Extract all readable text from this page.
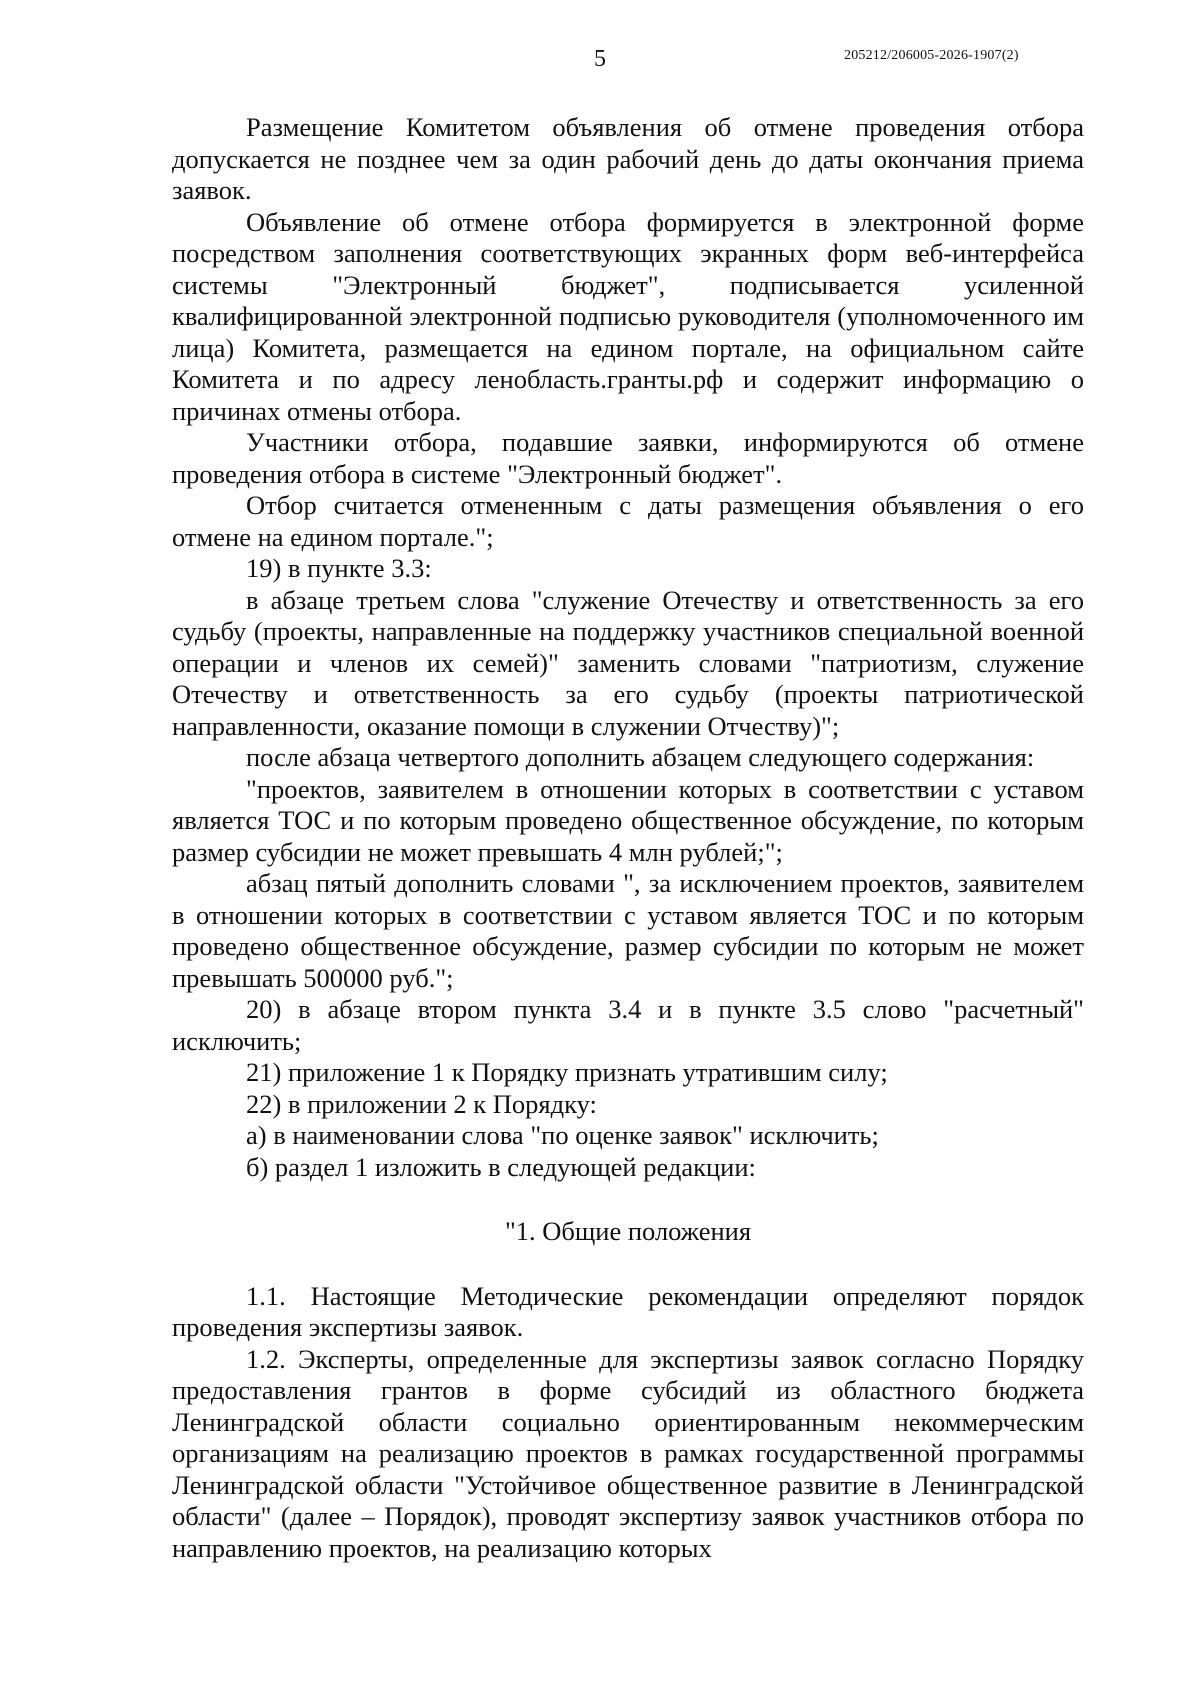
5	205212/206005-2026-1907(2)

Размещение Комитетом объявления об отмене проведения отбора допускается не позднее чем за один рабочий день до даты окончания приема заявок.

Объявление об отмене отбора формируется в электронной форме посредством заполнения соответствующих экранных форм веб-интерфейса системы "Электронный бюджет", подписывается усиленной квалифицированной электронной подписью руководителя (уполномоченного им лица) Комитета, размещается на едином портале, на официальном сайте Комитета и по адресу ленобласть.гранты.рф и содержит информацию о причинах отмены отбора.

Участники отбора, подавшие заявки, информируются об отмене проведения отбора в системе "Электронный бюджет".

Отбор считается отмененным с даты размещения объявления о его отмене на едином портале.";

19) в пункте 3.3:

в абзаце третьем слова "служение Отечеству и ответственность за его судьбу (проекты, направленные на поддержку участников специальной военной операции и членов их семей)" заменить словами "патриотизм, служение Отечеству и ответственность за его судьбу (проекты патриотической направленности, оказание помощи в служении Отчеству)";

после абзаца четвертого дополнить абзацем следующего содержания:

"проектов, заявителем в отношении которых в соответствии с уставом является ТОС и по которым проведено общественное обсуждение, по которым размер субсидии не может превышать 4 млн рублей;";

абзац пятый дополнить словами ", за исключением проектов, заявителем в отношении которых в соответствии с уставом является ТОС и по которым проведено общественное обсуждение, размер субсидии по которым не может превышать 500000 руб.";

20) в абзаце втором пункта 3.4 и в пункте 3.5 слово "расчетный" исключить;

21) приложение 1 к Порядку признать утратившим силу;

22) в приложении 2 к Порядку:

а) в наименовании слова "по оценке заявок" исключить;

б) раздел 1 изложить в следующей редакции:

"1. Общие положения

1.1. Настоящие Методические рекомендации определяют порядок проведения экспертизы заявок.

1.2. Эксперты, определенные для экспертизы заявок согласно Порядку предоставления грантов в форме субсидий из областного бюджета Ленинградской области социально ориентированным некоммерческим организациям на реализацию проектов в рамках государственной программы Ленинградской области "Устойчивое общественное развитие в Ленинградской области" (далее – Порядок), проводят экспертизу заявок участников отбора по направлению проектов, на реализацию которых
